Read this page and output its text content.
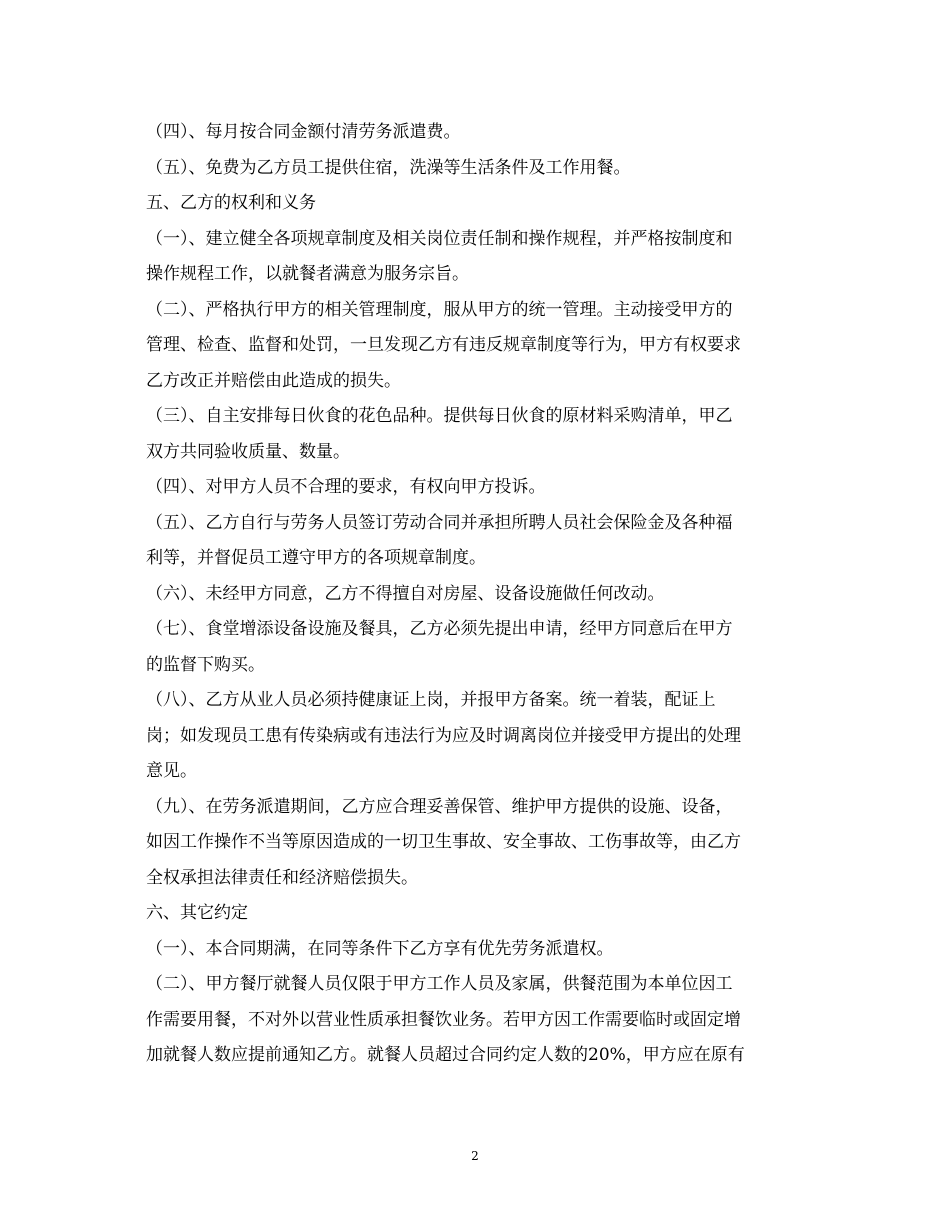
（四）、每月按合同金额付清劳务派遣费。

（五）、免费为乙方员工提供住宿，洗澡等生活条件及工作用餐。

五、乙方的权利和义务

（一）、建立健全各项规章制度及相关岗位责任制和操作规程，并严格按制度和
操作规程工作，以就餐者满意为服务宗旨。

（二）、严格执行甲方的相关管理制度，服从甲方的统一管理。主动接受甲方的
管理、检查、监督和处罚，一旦发现乙方有违反规章制度等行为，甲方有权要求
乙方改正并赔偿由此造成的损失。

（三）、自主安排每日伙食的花色品种。提供每日伙食的原材料采购清单，甲乙
双方共同验收质量、数量。

（四）、对甲方人员不合理的要求，有权向甲方投诉。

（五）、乙方自行与劳务人员签订劳动合同并承担所聘人员社会保险金及各种福
利等，并督促员工遵守甲方的各项规章制度。

（六）、未经甲方同意，乙方不得擅自对房屋、设备设施做任何改动。

（七）、食堂增添设备设施及餐具，乙方必须先提出申请，经甲方同意后在甲方
的监督下购买。

（八）、乙方从业人员必须持健康证上岗，并报甲方备案。统一着装，配证上
岗；如发现员工患有传染病或有违法行为应及时调离岗位并接受甲方提出的处理
意见。

（九）、在劳务派遣期间，乙方应合理妥善保管、维护甲方提供的设施、设备，
如因工作操作不当等原因造成的一切卫生事故、安全事故、工伤事故等，由乙方
全权承担法律责任和经济赔偿损失。

六、其它约定

（一）、本合同期满，在同等条件下乙方享有优先劳务派遣权。

（二）、甲方餐厅就餐人员仅限于甲方工作人员及家属，供餐范围为本单位因工
作需要用餐，不对外以营业性质承担餐饮业务。若甲方因工作需要临时或固定增
加就餐人数应提前通知乙方。就餐人员超过合同约定人数的20%，甲方应在原有

2
